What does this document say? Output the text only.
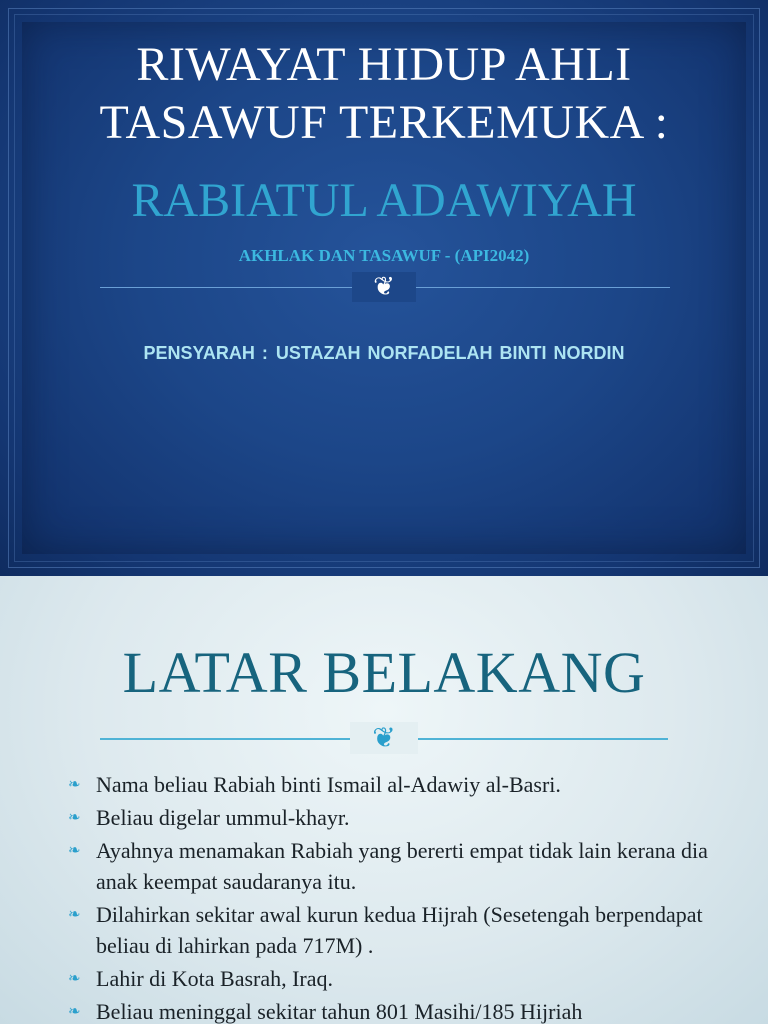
RIWAYAT HIDUP AHLI
TASAWUF TERKEMUKA :
RABIATUL ADAWIYAH
AKHLAK DAN TASAWUF - (API2042)
❦
PENSYARAH : USTAZAH NORFADELAH BINTI NORDIN
LATAR BELAKANG
❦
❧ Nama beliau Rabiah binti Ismail al-Adawiy al-Basri.
❧ Beliau digelar ummul-khayr.
❧ Ayahnya menamakan Rabiah yang bererti empat tidak lain kerana dia anak keempat saudaranya itu.
❧ Dilahirkan sekitar awal kurun kedua Hijrah (Sesetengah berpendapat beliau di lahirkan pada 717M) .
❧ Lahir di Kota Basrah, Iraq.
❧ Beliau meninggal sekitar tahun 801 Masihi/185 Hijriah
